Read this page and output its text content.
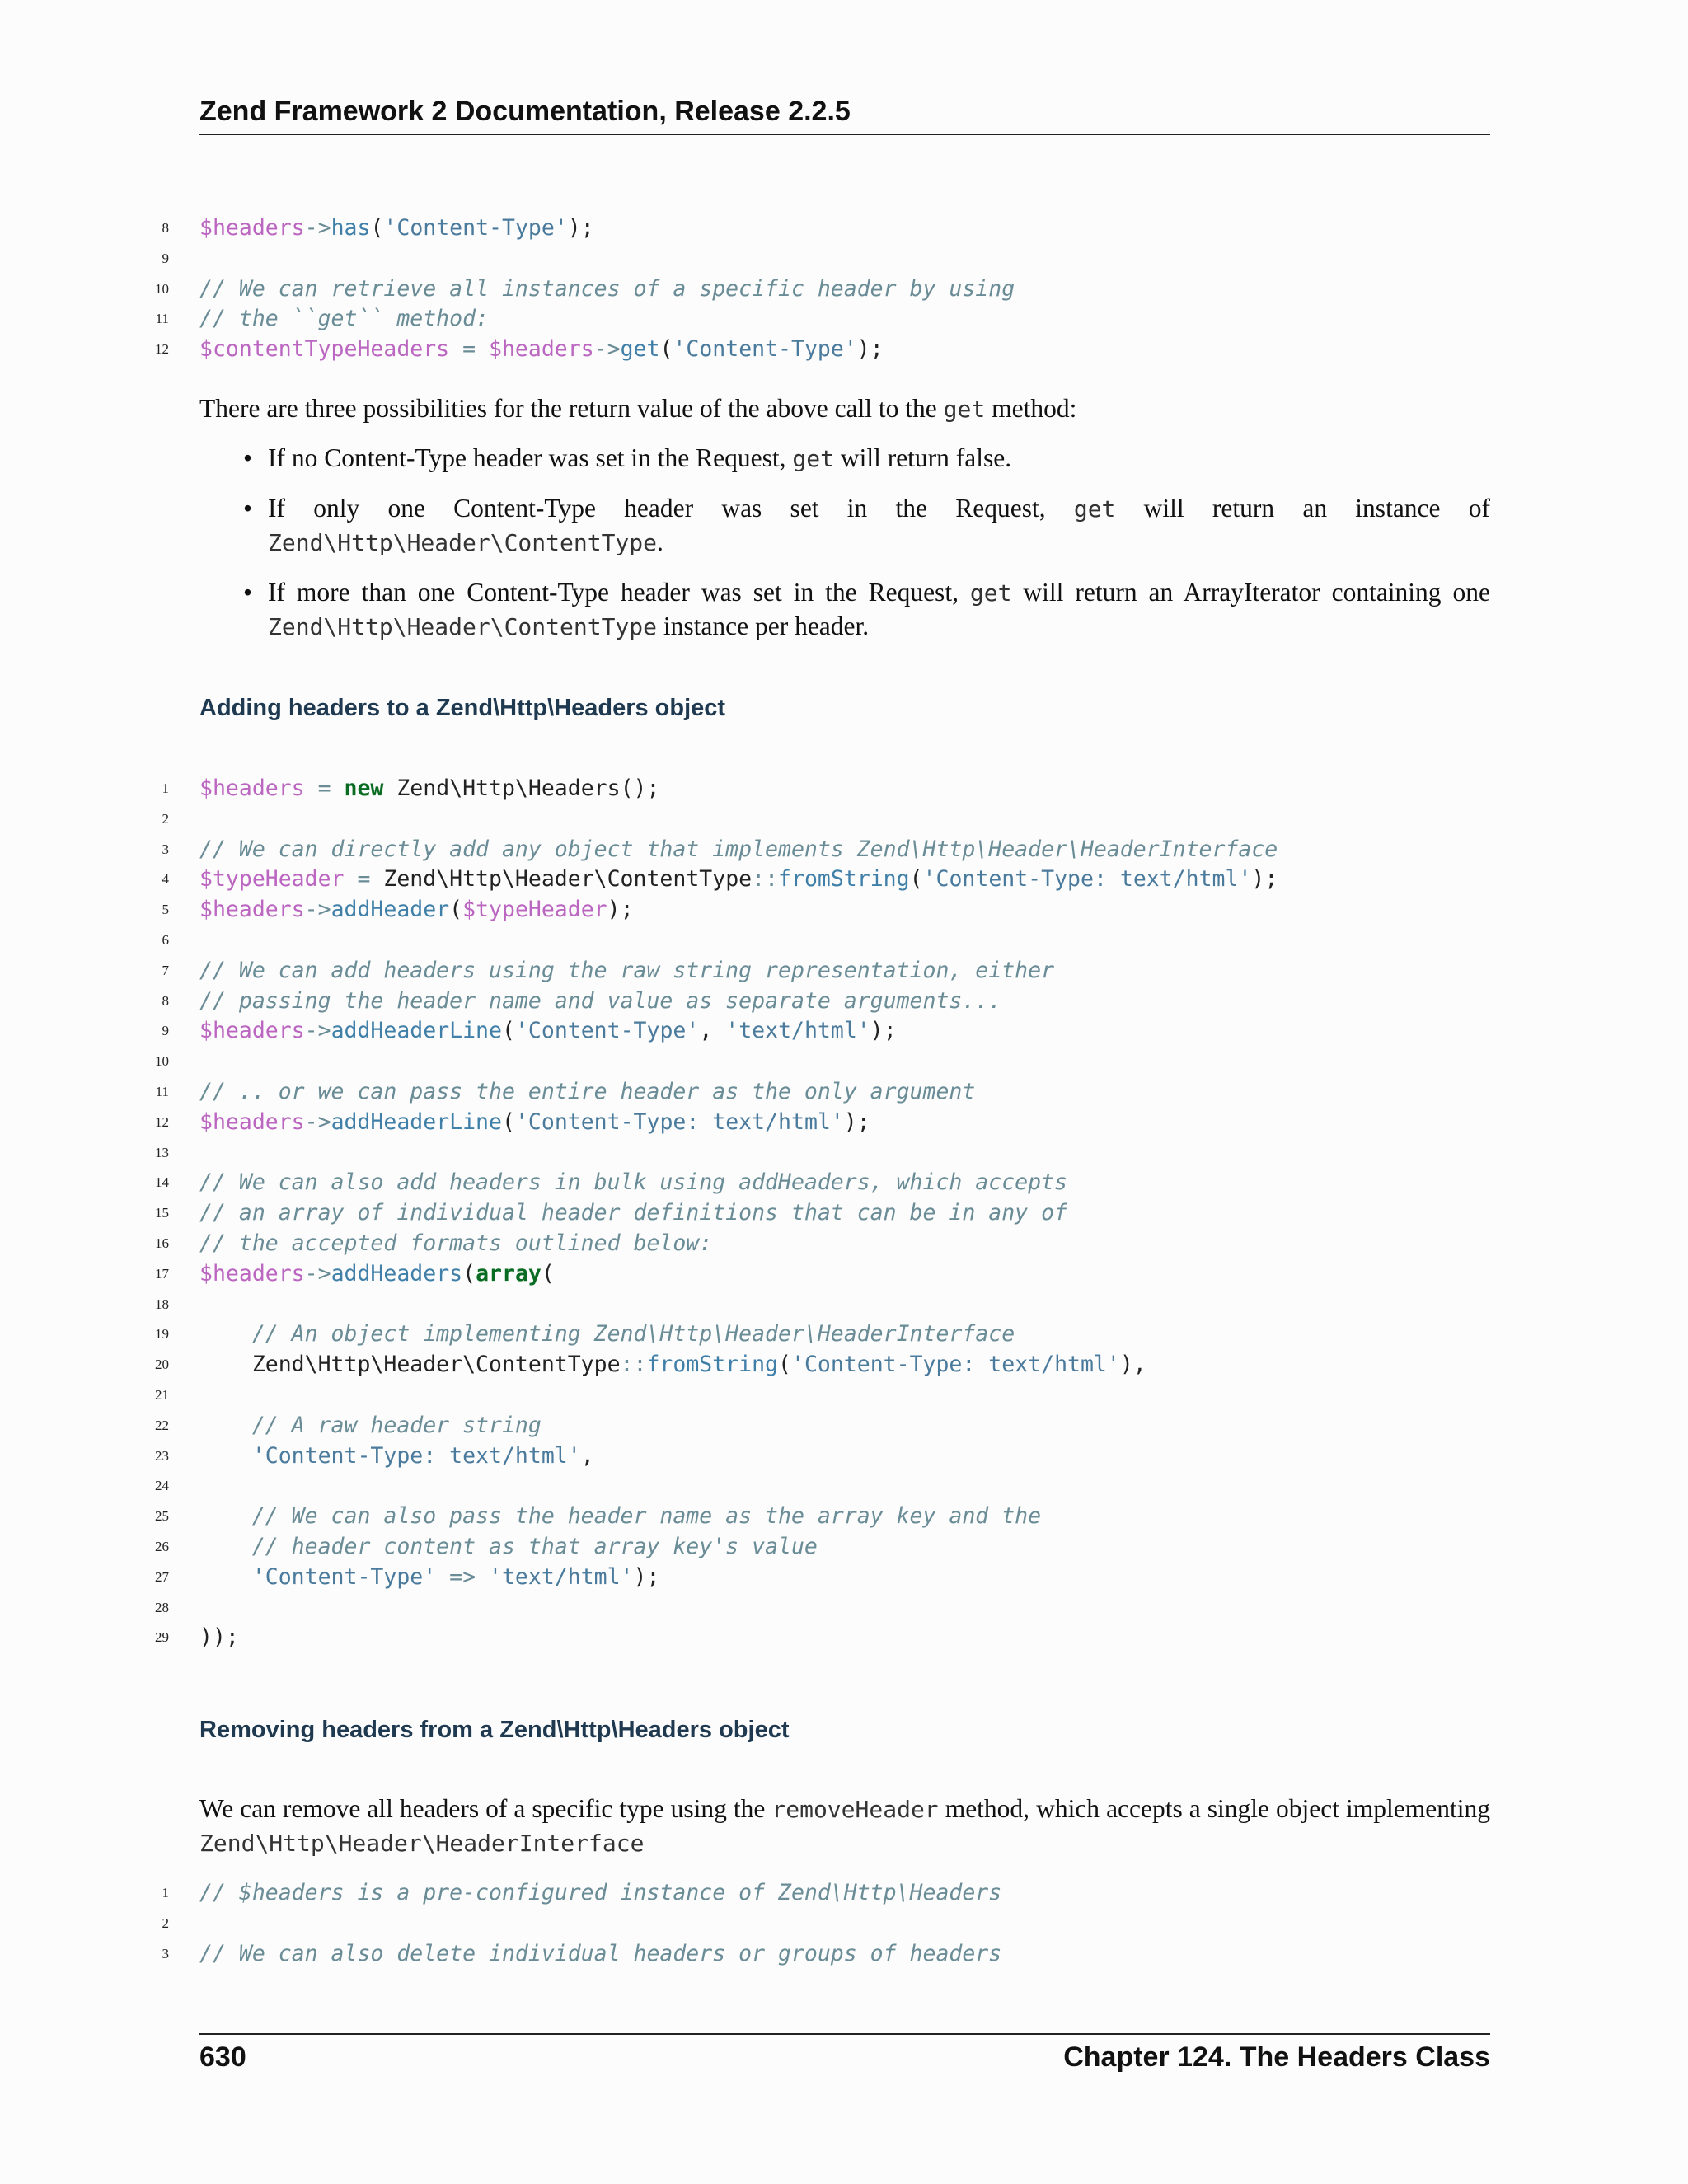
Zend Framework 2 Documentation, Release 2.2.5
8 $headers->has('Content-Type');
9
10 // We can retrieve all instances of a specific header by using
11 // the ``get`` method:
12 $contentTypeHeaders = $headers->get('Content-Type');
There are three possibilities for the return value of the above call to the get method:
• If no Content-Type header was set in the Request, get will return false.
• If only one Content-Type header was set in the Request, get will return an instance of Zend\Http\Header\ContentType.
• If more than one Content-Type header was set in the Request, get will return an ArrayIterator containing one Zend\Http\Header\ContentType instance per header.
Adding headers to a Zend\Http\Headers object
1 $headers = new Zend\Http\Headers();
2
3 // We can directly add any object that implements Zend\Http\Header\HeaderInterface
4 $typeHeader = Zend\Http\Header\ContentType::fromString('Content-Type: text/html');
5 $headers->addHeader($typeHeader);
6
7 // We can add headers using the raw string representation, either
8 // passing the header name and value as separate arguments...
9 $headers->addHeaderLine('Content-Type', 'text/html');
10
11 // .. or we can pass the entire header as the only argument
12 $headers->addHeaderLine('Content-Type: text/html');
13
14 // We can also add headers in bulk using addHeaders, which accepts
15 // an array of individual header definitions that can be in any of
16 // the accepted formats outlined below:
17 $headers->addHeaders(array(
18
19 // An object implementing Zend\Http\Header\HeaderInterface
20 Zend\Http\Header\ContentType::fromString('Content-Type: text/html'),
21
22 // A raw header string
23 'Content-Type: text/html',
24
25 // We can also pass the header name as the array key and the
26 // header content as that array key's value
27 'Content-Type' => 'text/html');
28
29 ));
Removing headers from a Zend\Http\Headers object
We can remove all headers of a specific type using the removeHeader method, which accepts a single object implementing Zend\Http\Header\HeaderInterface
1 // $headers is a pre-configured instance of Zend\Http\Headers
2
3 // We can also delete individual headers or groups of headers
630	Chapter 124. The Headers Class
